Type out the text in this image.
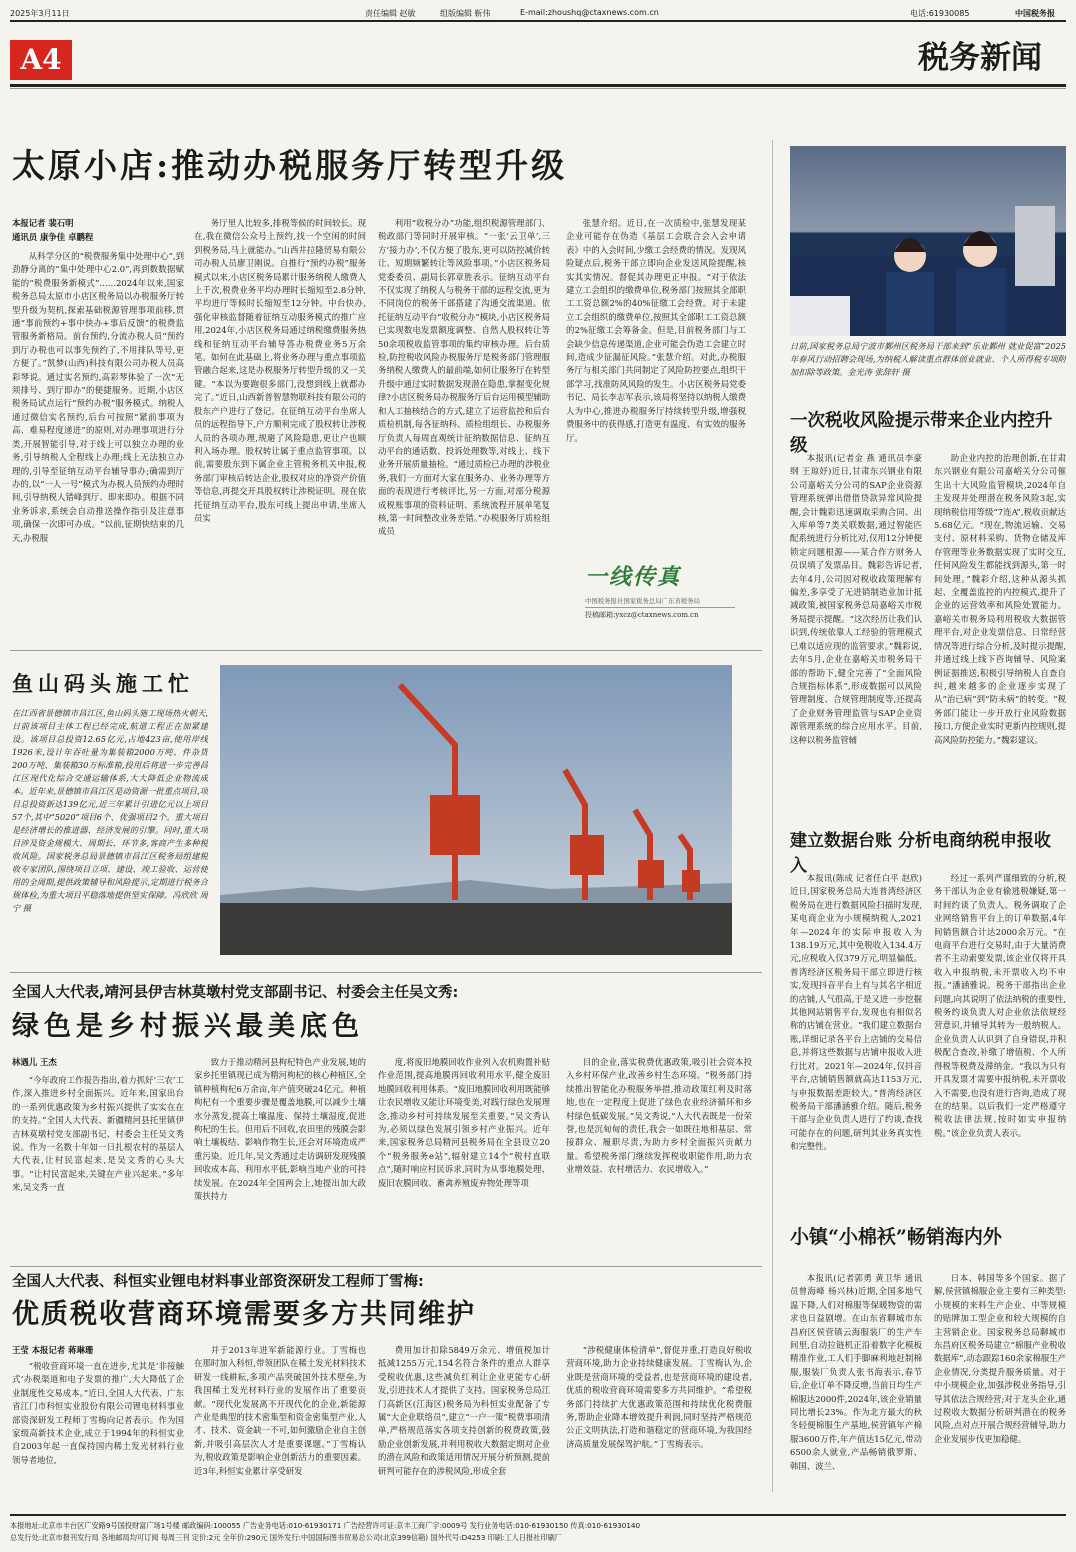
2025年3月11日	责任编辑 赵敏	组版编辑 靳伟	E-mail:zhoushq@ctaxnews.com.cn	电话:61930085	中国税务报
A4	税务新闻
太原小店:推动办税服务厅转型升级
本报记者 裴石明
通讯员 康争佳 卓鹏程

从科学分区的“税费服务集中处理中心”,到劲静分离的“集中处理中心2.0”,再到数数据赋能的“税费服务新模式”……2024年以来,国家税务总局太原市小店区税务局以办税服务厅转型升级为契机,探索基础税源管理事项前移,贯通“事前预约+事中快办+事后反馈”的税费监管服务新格局。前台预约,分流办税人员“预约到厅办税也可以事先预约了,不用排队等号,更方便了。”凯梦(山西)科技有限公司办税人员高彩琴说。通过实名预约,高彩琴体验了一次“无须排号、到厅即办”的便捷服务。近期,小店区税务局试点运行“预约办税”服务模式。纳税人通过微信实名预约,后台可按照“紧前事项为高、难易程度递进”的原则,对办理事项进行分类,开展智能引导,对于线上可以独立办理的业务,引导纳税人全程线上办理;线上无法独立办理的,引导至征纳互动平台辅导事办;确需到厅办的,以“一人一号”模式为办税人员预约办理时间,引导纳税人错峰到厅、即来即办。根据不同业务诉求,系统会自动推送操作指引及注意事项,确保一次即可办成。“以前,征期快结束的几天,办税服

务厅里人比较多,排税等候的时间较长。现在,我在微信公众号上预约,找一个空闲的时间到税务局,马上就能办。”山西井拉隆贸易有限公司办税人员廖卫刚说。自推行“预约办税”服务模式以来,小店区税务局累计服务纳税人缴费人上千次,税费业务平均办理时长缩短至2.8分钟,平均进厅等候时长缩短至12分钟。中台快办,强化审核监督随着征纳互动服务模式的推广应用,2024年,小店区税务局通过纳税缴费服务热线和征纳互动平台辅导答办税费业务5万余笔。如何在此基础上,将业务办理与重点事项监管融合起来,这是办税服务厅转型升级的又一关键。“本以为要跑很多部门,没想到线上就都办完了。”近日,山西新普智慧物联科技有限公司的股东产户进行了登记。在征纳互动平台坐席人员的远程指导下,户方顺利完成了股权转让涉税人员的各项办理,规避了风险隐患,更让户也顺利入场办理。股权转让属于重点监管事项。以前,需要股东到下属企业主管税务机关申报,税务部门审核后转达企业,股权对应的净资产价值等信息,再提交开具股权转让涉税证明。现在依托征纳互动平台,股东可线上提出申请,坐席人员实

利用“收税分办”功能,组织税源管理部门、税政部门等同时开展审核。“一张‘云卫单’,三方‘接力办’,不仅方便了股东,更可以防控减价转让、短期频繁转让等风险事项。”小店区税务局党委委员、副局长郭章胜表示。征纳互动平台不仅实现了纳税人与税务干部的远程交流,更为不同岗位的税务干部搭建了沟通交流渠道。依托征纳互动平台“收税分办”模块,小店区税务局已实现数电发票额度调整、自然人股权转让等50余项税收监管事项的集约审核办理。后台质检,防控税收风险办税服务厅是税务部门管理服务纳税人缴费人的最前端,如何让服务厅在转型升级中通过实时数据发现潜在隐患,掌握变化规律?小店区税务局办税服务厅后台运用模型辅助和人工抽核结合的方式,建立了运营监控和后台质检机制,每各征纳科、质检组组长、办税服务厅负责人每周直观统计征纳数据信息、征纳互动平台的通话数、投诉处理数等,对线上、线下业务开展质量抽检。“通过质检已办理的涉税业务,我们一方面对大家在服务办、业务办理等方面的表现进行考核评比,另一方面,对部分税源成税账事项的资料证明、系统流程开展单笔复核,第一时间整改业务差错。”办税服务厅质检组成员

张慧介绍。近日,在一次质检中,张慧发现某企业可能存在伪造《基层工会联合会入会申请表》中的入会时间,少缴工会经费的情况。发现风险疑点后,税务干部立即向企业发送风险提醒,核实其实情况。督促其办理更正申报。“对于依法建立工会组织的缴费单位,税务部门按照其全部职工工资总额2%的40%征缴工会经费。对于未建立工会组织的缴费单位,按照其全部职工工资总额的2%征缴工会筹备金。但是,目前税务部门与工会缺少信息传递渠道,企业可能会伪造工会建立时间,造成少征漏征风险。”张慧介绍。对此,办税服务厅与相关部门共同制定了风险防控要点,组织干部学习,找准防风风险的发生。小店区税务局党委书记、局长李志军表示,该局将坚持以纳税人缴费人为中心,推进办税服务厅持续转型升级,增强税费服务中的获得感,打造更有温度、有实效的服务厅。

一线传真
中国税务报社国家税务总局广东省税务局
投稿邮箱:yxcz@ctaxnews.com.cn
日前,国家税务总局宁波市鄞州区税务局干部来到“乐业鄞州 就业促富”2025年春风行动招聘会现场,为纳税人解读重点群体创业就业、个人所得税专项附加扣除等政策。金光涛 张辞轩 摄
一次税收风险提示带来企业内控升级

本报讯(记者金 燕 通讯员李豪纲 王琼妤)近日,甘肃东兴钢业有限公司嘉峪关分公司的SAP企业资源管理系统弹出借借贷款异常风险提醒,会计魏彩迅速调取采购合同、出入库单等7类关联数据,通过智能匹配系统进行分析比对,仅用12分钟便锁定问题根源——某合作方财务人员误填了发票品目。魏彩告诉记者,去年4月,公司因对税收政策理解有偏差,多享受了无进销制造业加计抵减政策,被国家税务总局嘉峪关市税务局提示提醒。“这次经历让我们认识到,传统依靠人工经验的管理模式已难以适应现的监管要求。”魏彩说,去年5月,企业在嘉峪关市税务局干部的帮助下,健全完善了“全面风险合规指标体系”,形成数据可以风险管理制度、合规管理制度等,还提高了企业财务管理监管与SAP企业资源管理系统的综合应用水平。目前,这种以税务监管辅

助企业内控的治理创新,在甘肃东兴钢业有限公司嘉峪关分公司催生出十大风险监管模块,2024年自主发现并处理潜在税务风险3起,实现纳税信用等级“7连A”,税收贡献达5.68亿元。“现在,物流运输、交易支付、原材料采购、货物仓储及库存管理等业务数据实现了实时交互,任何风险发生都能找到源头,第一时间处理。”魏彩介绍,这种从源头抓起、全覆盖监控的内控模式,提升了企业的运营效率和风险处置能力。嘉峪关市税务局利用税收大数据管理平台,对企业发票信息、日常经营情况等进行综合分析,及时提示提醒,并通过线上线下咨询辅导、风险案例证据推送,积极引导纳税人自查自纠,越来越多的企业逐步实现了从“治已病”到“防未病”的转变。“税务部门能让一步开放行业风险数据接口,方便企业实时更新内控规则,提高风险防控能力。”魏彩建议。

建立数据台账 分析电商纳税申报收入

本报讯(陈成 记者任白平 赵欣)近日,国家税务总局大连普湾经济区税务局在进行数据风险扫描时发现,某电商企业为小规模纳税人,2021年—2024年的实际申报收入为138.19万元,其中免税收入134.4万元,应税收入仅379万元,明显偏低。普湾经济区税务局干部立即进行核实,发现抖音平台上有与其名字相近的店铺,人气很高,于是又进一步挖掘其他网站销售平台,发现也有相似名称的店铺在营业。“我们建立数据台账,详细记录各平台上店铺的交易信息,并将这些数据与店铺申报收入进行比对。2021年—2024年,仅抖音平台,店铺销售额就高达1153万元,与申报数据差距较大。”普湾经济区税务局干部潘涵雅介绍。随后,税务干部与企业负责人进行了约谈,查找可能存在的问题,研判其业务真实性和完整性。

经过一系列严谨细致的分析,税务干部认为企业有偷逃税嫌疑,第一时间约谈了负责人。税务调取了企业网络销售平台上的订单数据,4年间销售额合计达2000余万元。“在电商平台进行交易时,由于大量消费者不主动索要发票,该企业仅将开具收入申报纳税,未开票收入均不申报。”潘涵雅说。税务干部指出企业问题,向其说明了依法纳税的重要性,税务约谈负责人对企业依法依规经营意识,并辅导其转为一般纳税人。企业负责人认识到了自身错误,并积极配合查改,补缴了增值税、个人所得税等税费及滞纳金。“我以为只有开具发票才需要申报纳税,未开票收入不需要,也没有进行咨询,造成了现在的结果。以后我们一定严格遵守税收法律法规,按时如实申报纳税。”该企业负责人表示。

小镇“小棉袄”畅销海内外

本报讯(记者郭勇 黄卫华 通讯员曾海峰 杨兴林)近期,全国多地气温下降,人们对棉服等保暖物资的需求也日益剧增。在山东省聊城市东昌府区侯营镇云海服装厂的生产车间里,自动拉链机正沿着数字化模板精准作业,工人们手脚麻利地赶制棉服,服装厂负责人张书海表示,春节后,企业订单不降反增,当前日均生产棉服达2000件,2024年,该企业销量同比增长23%。作为北方最大的秋冬轻便棉服生产基地,侯营镇年产棉服3600万件,年产值达15亿元,带动6500余人就业,产品畅销俄罗斯、韩国、波兰、

日本、韩国等多个国家。据了解,侯营镇棉服企业主要有三种类型:小规模的来料生产企业、中等规模的贴牌加工型企业和较大规模的自主营销企业。国家税务总局聊城市东昌府区税务局建立“棉服产业税收数据库”,动态跟踪160余家棉服生产企业情况,分类提升服务质量。对于中小规模企业,加强涉税业务指导,引导其依法合规经营;对于龙头企业,通过税收大数据分析研判潜在的税务风险,点对点开展合规经营辅导,助力企业发展步伐更加稳健。

鱼山码头施工忙
在江西省景德镇市昌江区,鱼山码头施工现场热火朝天,日前该项目主体工程已经完成,航道工程正在加紧建设。该项目总投资12.65亿元,占地423亩,使用岸线1926米,设计年吞吐量为集装箱2000万吨、件杂货200万吨、集装箱30万标准箱,投用后将进一步完善昌江区现代化综合交通运输体系,大大降低企业物流成本。近年来,景德镇市昌江区是动资源一批重点项目,项目总投资新达139亿元,近三年累计引进亿元以上项目57个,其中“5020”项目6个、优强项目2个。重大项目是经济增长的推进器、经济发展的引擎。同时,重大项目涉及资金规模大、周期长、环节多,客商产生多种税收风险。国家税务总局景德镇市昌江区税务局组建税收专家团队,围绕项目立项、建设、竣工验收、运营使用的全周期,提供政策辅导和风险提示,定期进行税务合规体检,为重大项目平稳落地提供坚实保障。冯欣欣 周宁 摄
全国人大代表,靖河县伊吉林莫墩村党支部副书记、村委会主任吴文秀:
绿色是乡村振兴最美底色
林遇儿 王杰

“今年政府工作报告指出,着力抓好‘三农’工作,深入推进乡村全面振兴。近年来,国家出台的一系列优惠政策为乡村振兴提供了实实在在的支持。”全国人大代表、新疆精河县托里镇伊吉林莫墩村党支部副书记、村委会主任吴文秀说。作为一名数十年如一日扎根农村的基层人大代表,让村民富起来,是吴文秀的心头大事。“让村民富起来,关键在产业兴起来。”多年来,吴文秀一直

致力于推动精河县枸杞特色产业发展,她的家乡托里镇现已成为精河枸杞的核心种植区,全镇种植枸杞6万余亩,年产值突破24亿元。种植枸杞有一个重要步骤是覆盖地膜,可以减少土壤水分蒸发,提高土壤温度、保持土壤湿度,促进枸杞的生长。但用后不回收,农田里的残膜会影响土壤板结、影响作物生长,还会对环境造成严重污染。近几年,吴文秀通过走访调研发现残膜回收成本高、利用水平低,影响当地产业的可持续发展。在2024年全国两会上,她提出加大政策扶持力

度,将废旧地膜回收作业列入农机购置补贴作业范围,提高地膜再回收利用水平,健全废旧地膜回收利用体系。“废旧地膜回收利用既能够让农民增收又能让环境变美,对践行绿色发展理念,推动乡村可持续发展至关重要。”吴文秀认为,必须以绿色发展引领乡村产业振兴。近年来,国家税务总局精河县税务局在全县设立20个“税务服务e站”,辐射建立14个“税村直联点”,随时响应村民诉求,同时为从事地膜处理、废旧农膜回收、畜禽养殖废弃物处理等项

目的企业,落实税费优惠政策,吸引社会资本投入乡村环保产业,改善乡村生态环境。“税务部门持续推出智能化办税服务举措,推动政策红利及时落地,也在一定程度上促进了绿色农业经济循环和乡村绿色低碳发展。”吴文秀说,“人大代表既是一份荣誉,也是沉甸甸的责任,我会一如既往地相基层、常接群众、履职尽责,为助力乡村全面振兴贡献力量。希望税务部门继续发挥税收职能作用,助力农业增效益、农村增活力、农民增收入。”

全国人大代表、科恒实业锂电材料事业部资深研发工程师丁雪梅:
优质税收营商环境需要多方共同维护
王莹 本报记者 蒋琳珊

“税收营商环境一直在进步,尤其是‘非接触式’办税渠道和电子发票的推广,大大降低了企业制度性交易成本。”近日,全国人大代表、广东省江门市科恒实业股份有限公司锂电材料事业部资深研发工程师丁雪梅向记者表示。作为国家级高新技术企业,成立于1994年的科恒实业自2003年起一直保持国内稀土发光材料行业领导者地位,

并于2013年进军新能源行业。丁雪梅也在那时加入科恒,带领团队在稀土发光材料技术研发一线耕耘,多项产品突破国外技术壁垒,为我国稀土发光材料行业的发展作出了重要贡献。“现代化发展离不开现代化的企业,新能源产业是典型的技术密集型和资金密集型产业,人才、技术、资金缺一不可,如何激励企业自主创新,并吸引高层次人才是重要课题。”丁雪梅认为,税收政策是影响企业创新活力的重要因素。近3年,科恒实业累计享受研发

费用加计扣除5849万余元、增值税加计抵减1255万元,154名符合条件的重点人群享受税收优惠,这些减负红利让企业更能专心研发,引进技术人才提供了支持。国家税务总局江门高新区(江海区)税务局为科恒实业配备了专属“大企业联络员”,建立“一户一策”税费事项清单,严格规范落实各项支持创新的税费政策,鼓励企业创新发展,并利用税收大数据定期对企业的潜在风险和政策适用情况开展分析预测,提前研判可能存在的涉税风险,形成全套

“涉税健康体检清单”,督促并重,打造良好税收营商环境,助力企业持续健康发展。丁雪梅认为,企业既是营商环境的受益者,也是营商环境的建设者,优质的税收营商环境需要多方共同维护。“希望税务部门持续扩大优惠政策范围和持续优化税费服务,帮助企业降本增效提升利润,同时坚持严格规范公正文明执法,打造和谐稳定的营商环境,为我国经济高质量发展保驾护航。”丁雪梅表示。

本报地址:北京市丰台区广安路9号国投财富广场1号楼 邮政编码:100055 广告业务电话:010-61930171 广告经营许可证:京丰工商广字:0009号 发行业务电话:010-61930150 传真:010-61930140
总发行处:北京市报刊发行局 各地邮局均可订阅 每周三刊 定价:2元 全年价:290元 国外发行:中国国际图书贸易总公司(北京399信箱) 国外代号:D4253 印刷:工人日报社印刷厂
